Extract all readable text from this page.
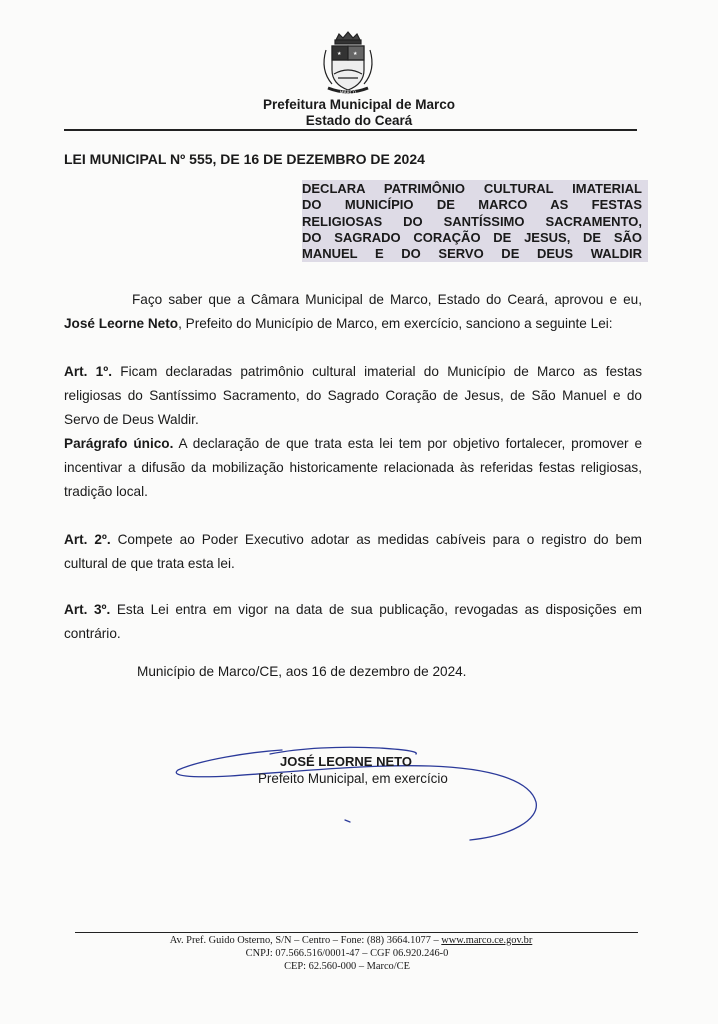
★ ★
MARCO
Prefeitura Municipal de Marco
Estado do Ceará
LEI MUNICIPAL Nº 555, DE 16 DE DEZEMBRO DE 2024
DECLARA PATRIMÔNIO CULTURAL IMATERIAL
DO MUNICÍPIO DE MARCO AS FESTAS
RELIGIOSAS DO SANTÍSSIMO SACRAMENTO,
DO SAGRADO CORAÇÃO DE JESUS, DE SÃO
MANUEL E DO SERVO DE DEUS WALDIR
Faço saber que a Câmara Municipal de Marco, Estado do Ceará, aprovou e eu, José Leorne Neto, Prefeito do Município de Marco, em exercício, sanciono a seguinte Lei:
Art. 1º. Ficam declaradas patrimônio cultural imaterial do Município de Marco as festas religiosas do Santíssimo Sacramento, do Sagrado Coração de Jesus, de São Manuel e do Servo de Deus Waldir.
Parágrafo único. A declaração de que trata esta lei tem por objetivo fortalecer, promover e incentivar a difusão da mobilização historicamente relacionada às referidas festas religiosas, tradição local.
Art. 2º. Compete ao Poder Executivo adotar as medidas cabíveis para o registro do bem cultural de que trata esta lei.
Art. 3º. Esta Lei entra em vigor na data de sua publicação, revogadas as disposições em contrário.
Município de Marco/CE, aos 16 de dezembro de 2024.
JOSÉ LEORNE NETO
Prefeito Municipal, em exercício
Av. Pref. Guido Osterno, S/N – Centro – Fone: (88) 3664.1077 – www.marco.ce.gov.br
CNPJ: 07.566.516/0001-47 – CGF 06.920.246-0
CEP: 62.560-000 – Marco/CE
